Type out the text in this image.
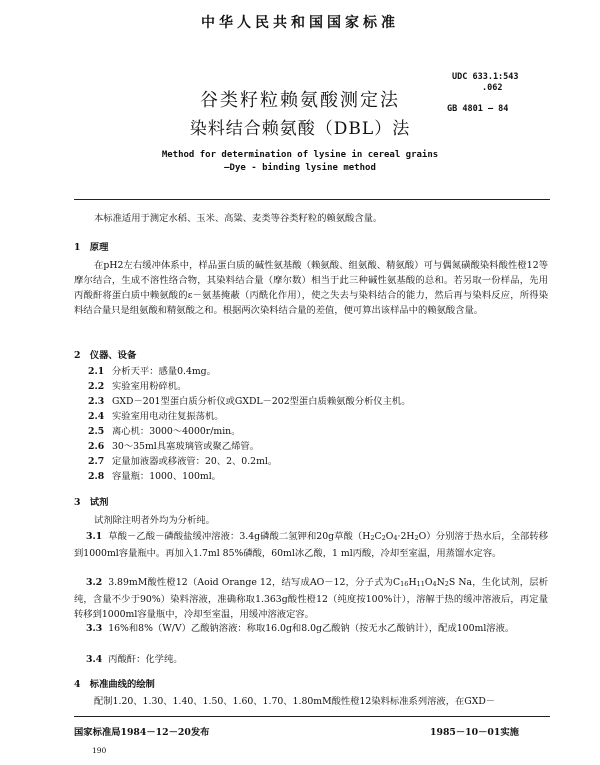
中华人民共和国国家标准
UDC 633.1:543
.062
GB 4801 — 84
谷类籽粒赖氨酸测定法
染料结合赖氨酸（DBL）法
Method for determination of lysine in cereal grains
—Dye - binding lysine method
本标准适用于测定水稻、玉米、高粱、麦类等谷类籽粒的赖氨酸含量。
1　原理
在pH2左右缓冲体系中，样品蛋白质的碱性氨基酸（赖氨酸、组氨酸、精氨酸）可与偶氮磺酸染料酸性橙12等摩尔结合，生成不溶性络合物，其染料结合量（摩尔数）相当于此三种碱性氨基酸的总和。若另取一份样品，先用丙酸酐将蛋白质中赖氨酸的ε－氨基掩蔽（丙酰化作用），使之失去与染料结合的能力，然后再与染料反应，所得染料结合量只是组氨酸和精氨酸之和。根据两次染料结合量的差值，便可算出该样品中的赖氨酸含量。
2　仪器、设备
2.1 分析天平：感量0.4mg。
2.2 实验室用粉碎机。
2.3 GXD－201型蛋白质分析仪或GXDL－202型蛋白质赖氨酸分析仪主机。
2.4 实验室用电动往复振荡机。
2.5 离心机：3000～4000r/min。
2.6 30～35ml具塞玻璃管或聚乙烯管。
2.7 定量加液器或移液管：20、2、0.2ml。
2.8 容量瓶：1000、100ml。
3　试剂
试剂除注明者外均为分析纯。
3.1 草酸－乙酸－磷酸盐缓冲溶液：3.4g磷酸二氢钾和20g草酸（H2C2O4·2H2O）分别溶于热水后，全部转移到1000ml容量瓶中。再加入1.7ml 85%磷酸，60ml冰乙酸，1 ml丙酸，冷却至室温，用蒸馏水定容。
3.2 3.89mM酸性橙12（Aoid Orange 12，结写成AO－12，分子式为C16H11O4N2S Na，生化试剂，层析纯，含量不少于90%）染料溶液，准确称取1.363g酸性橙12（纯度按100%计），溶解于热的缓冲溶液后，再定量转移到1000ml容量瓶中，冷却至室温，用缓冲溶液定容。
3.3 16%和8%（W/V）乙酸钠溶液：称取16.0g和8.0g乙酸钠（按无水乙酸钠计），配成100ml溶液。
3.4 丙酸酐：化学纯。
4　标准曲线的绘制
配制1.20、1.30、1.40、1.50、1.60、1.70、1.80mM酸性橙12染料标准系列溶液，在GXD－
国家标准局1984－12－20发布	1985－10－01实施
190
